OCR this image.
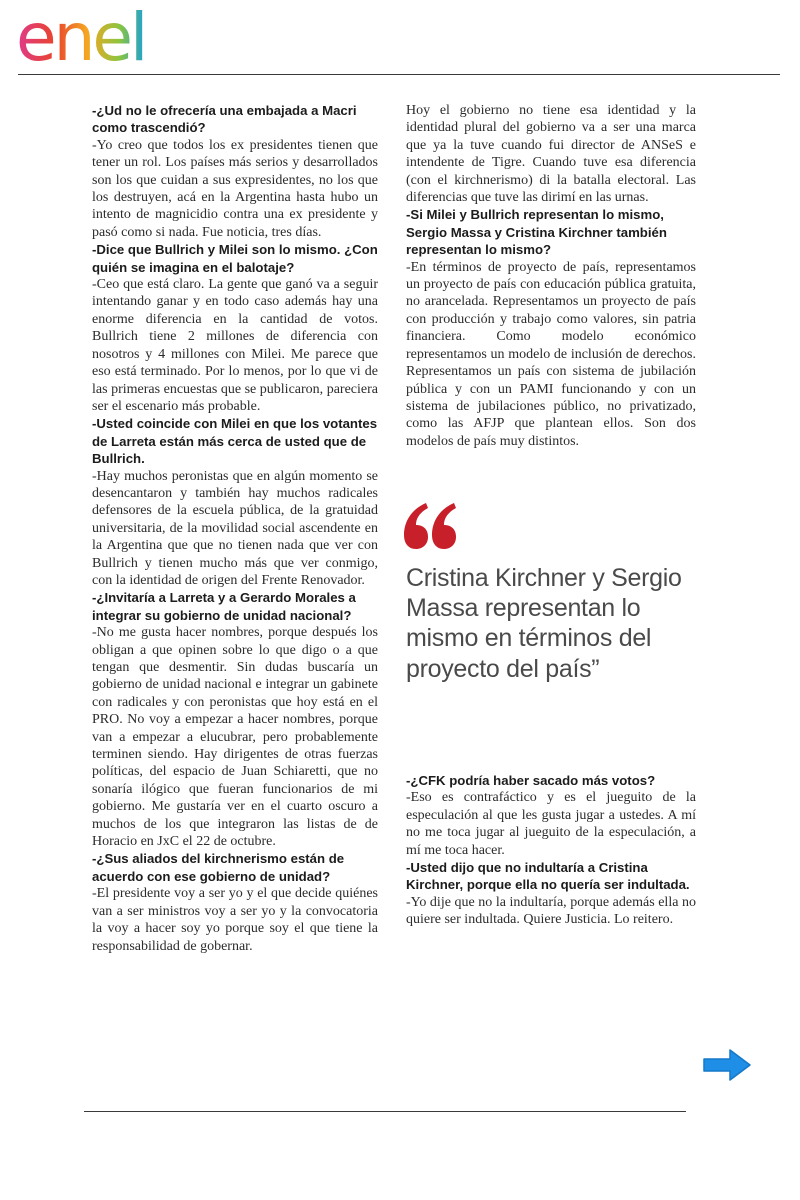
enel

-¿Ud no le ofrecería una embajada a Macri como trascendió?

-Yo creo que todos los ex presidentes tienen que tener un rol. Los países más serios y desarrollados son los que cuidan a sus expresidentes, no los que los destruyen, acá en la Argentina hasta hubo un intento de magnicidio contra una ex presidente y pasó como si nada. Fue noticia, tres días.

-Dice que Bullrich y Milei son lo mismo. ¿Con quién se imagina en el balotaje?

-Ceo que está claro. La gente que ganó va a seguir intentando ganar y en todo caso además hay una enorme diferencia en la cantidad de votos. Bullrich tiene 2 millones de diferencia con nosotros y 4 millones con Milei. Me parece que eso está terminado. Por lo menos, por lo que vi de las primeras encuestas que se publicaron, pareciera ser el escenario más probable.

-Usted coincide con Milei en que los votantes de Larreta están más cerca de usted que de Bullrich.

-Hay muchos peronistas que en algún momento se desencantaron y también hay muchos radicales defensores de la escuela pública, de la gratuidad universitaria, de la movilidad social ascendente en la Argentina que que no tienen nada que ver con Bullrich y tienen mucho más que ver conmigo, con la identidad de origen del Frente Renovador.

-¿Invitaría a Larreta y a Gerardo Morales a integrar su gobierno de unidad nacional?

-No me gusta hacer nombres, porque después los obligan a que opinen sobre lo que digo o a que tengan que desmentir. Sin dudas buscaría un gobierno de unidad nacional e integrar un gabinete con radicales y con peronistas que hoy está en el PRO. No voy a empezar a hacer nombres, porque van a empezar a elucubrar, pero probablemente terminen siendo. Hay dirigentes de otras fuerzas políticas, del espacio de Juan Schiaretti, que no sonaría ilógico que fueran funcionarios de mi gobierno. Me gustaría ver en el cuarto oscuro a muchos de los que integraron las listas de de Horacio en JxC el 22 de octubre.

-¿Sus aliados del kirchnerismo están de acuerdo con ese gobierno de unidad?

-El presidente voy a ser yo y el que decide quiénes van a ser ministros voy a ser yo y la convocatoria la voy a hacer soy yo porque soy el que tiene la responsabilidad de gobernar.

Hoy el gobierno no tiene esa identidad y la identidad plural del gobierno va a ser una marca que ya la tuve cuando fui director de ANSeS e intendente de Tigre. Cuando tuve esa diferencia (con el kirchnerismo) di la batalla electoral. Las diferencias que tuve las dirimí en las urnas.

-Si Milei y Bullrich representan lo mismo, Sergio Massa y Cristina Kirchner también representan lo mismo?

-En términos de proyecto de país, representamos un proyecto de país con educación pública gratuita, no arancelada. Representamos un proyecto de país con producción y trabajo como valores, sin patria financiera. Como modelo económico representamos un modelo de inclusión de derechos. Representamos un país con sistema de jubilación pública y con un PAMI funcionando y con un sistema de jubilaciones público, no privatizado, como las AFJP que plantean ellos. Son dos modelos de país muy distintos.

Cristina Kirchner y Sergio Massa representan lo mismo en términos del proyecto del país”

-¿CFK podría haber sacado más votos?

-Eso es contrafáctico y es el jueguito de la especulación al que les gusta jugar a ustedes. A mí no me toca jugar al jueguito de la especulación, a mí me toca hacer.

-Usted dijo que no indultaría a Cristina Kirchner, porque ella no quería ser indultada.

-Yo dije que no la indultaría, porque además ella no quiere ser indultada. Quiere Justicia. Lo reitero.
